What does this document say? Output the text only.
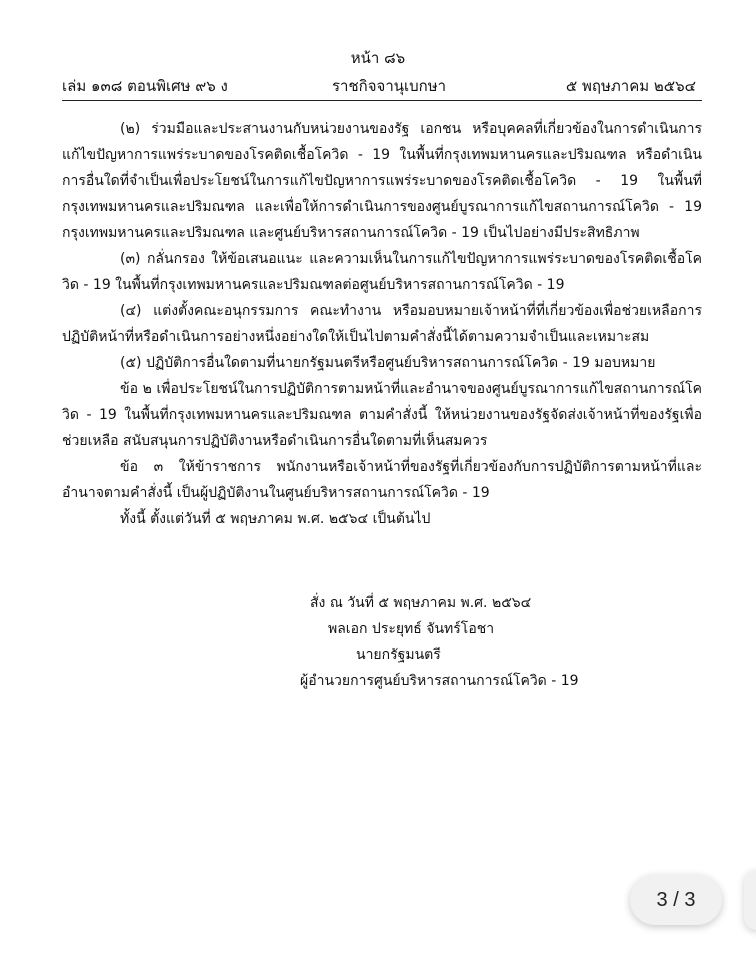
หน้า ๘๖
เล่ม ๑๓๘ ตอนพิเศษ ๙๖ ง	ราชกิจจานุเบกษา	๕ พฤษภาคม ๒๕๖๔

(๒) ร่วมมือและประสานงานกับหน่วยงานของรัฐ เอกชน หรือบุคคลที่เกี่ยวข้องในการดำเนินการแก้ไขปัญหาการแพร่ระบาดของโรคติดเชื้อโควิด - 19 ในพื้นที่กรุงเทพมหานครและปริมณฑล หรือดำเนินการอื่นใดที่จำเป็นเพื่อประโยชน์ในการแก้ไขปัญหาการแพร่ระบาดของโรคติดเชื้อโควิด - 19 ในพื้นที่กรุงเทพมหานครและปริมณฑล และเพื่อให้การดำเนินการของศูนย์บูรณาการแก้ไขสถานการณ์โควิด - 19 กรุงเทพมหานครและปริมณฑล และศูนย์บริหารสถานการณ์โควิด - 19 เป็นไปอย่างมีประสิทธิภาพ

(๓) กลั่นกรอง ให้ข้อเสนอแนะ และความเห็นในการแก้ไขปัญหาการแพร่ระบาดของโรคติดเชื้อโควิด - 19 ในพื้นที่กรุงเทพมหานครและปริมณฑลต่อศูนย์บริหารสถานการณ์โควิด - 19

(๔) แต่งตั้งคณะอนุกรรมการ คณะทำงาน หรือมอบหมายเจ้าหน้าที่ที่เกี่ยวข้องเพื่อช่วยเหลือการปฏิบัติหน้าที่หรือดำเนินการอย่างหนึ่งอย่างใดให้เป็นไปตามคำสั่งนี้ได้ตามความจำเป็นและเหมาะสม

(๕) ปฏิบัติการอื่นใดตามที่นายกรัฐมนตรีหรือศูนย์บริหารสถานการณ์โควิด - 19 มอบหมาย

ข้อ ๒ เพื่อประโยชน์ในการปฏิบัติการตามหน้าที่และอำนาจของศูนย์บูรณาการแก้ไขสถานการณ์โควิด - 19 ในพื้นที่กรุงเทพมหานครและปริมณฑล ตามคำสั่งนี้ ให้หน่วยงานของรัฐจัดส่งเจ้าหน้าที่ของรัฐเพื่อช่วยเหลือ สนับสนุนการปฏิบัติงานหรือดำเนินการอื่นใดตามที่เห็นสมควร

ข้อ ๓ ให้ข้าราชการ พนักงานหรือเจ้าหน้าที่ของรัฐที่เกี่ยวข้องกับการปฏิบัติการตามหน้าที่และอำนาจตามคำสั่งนี้ เป็นผู้ปฏิบัติงานในศูนย์บริหารสถานการณ์โควิด - 19

ทั้งนี้ ตั้งแต่วันที่ ๕ พฤษภาคม พ.ศ. ๒๕๖๔ เป็นต้นไป

สั่ง ณ วันที่ ๕ พฤษภาคม พ.ศ. ๒๕๖๔
พลเอก ประยุทธ์ จันทร์โอชา
นายกรัฐมนตรี
ผู้อำนวยการศูนย์บริหารสถานการณ์โควิด - 19
3 / 3
